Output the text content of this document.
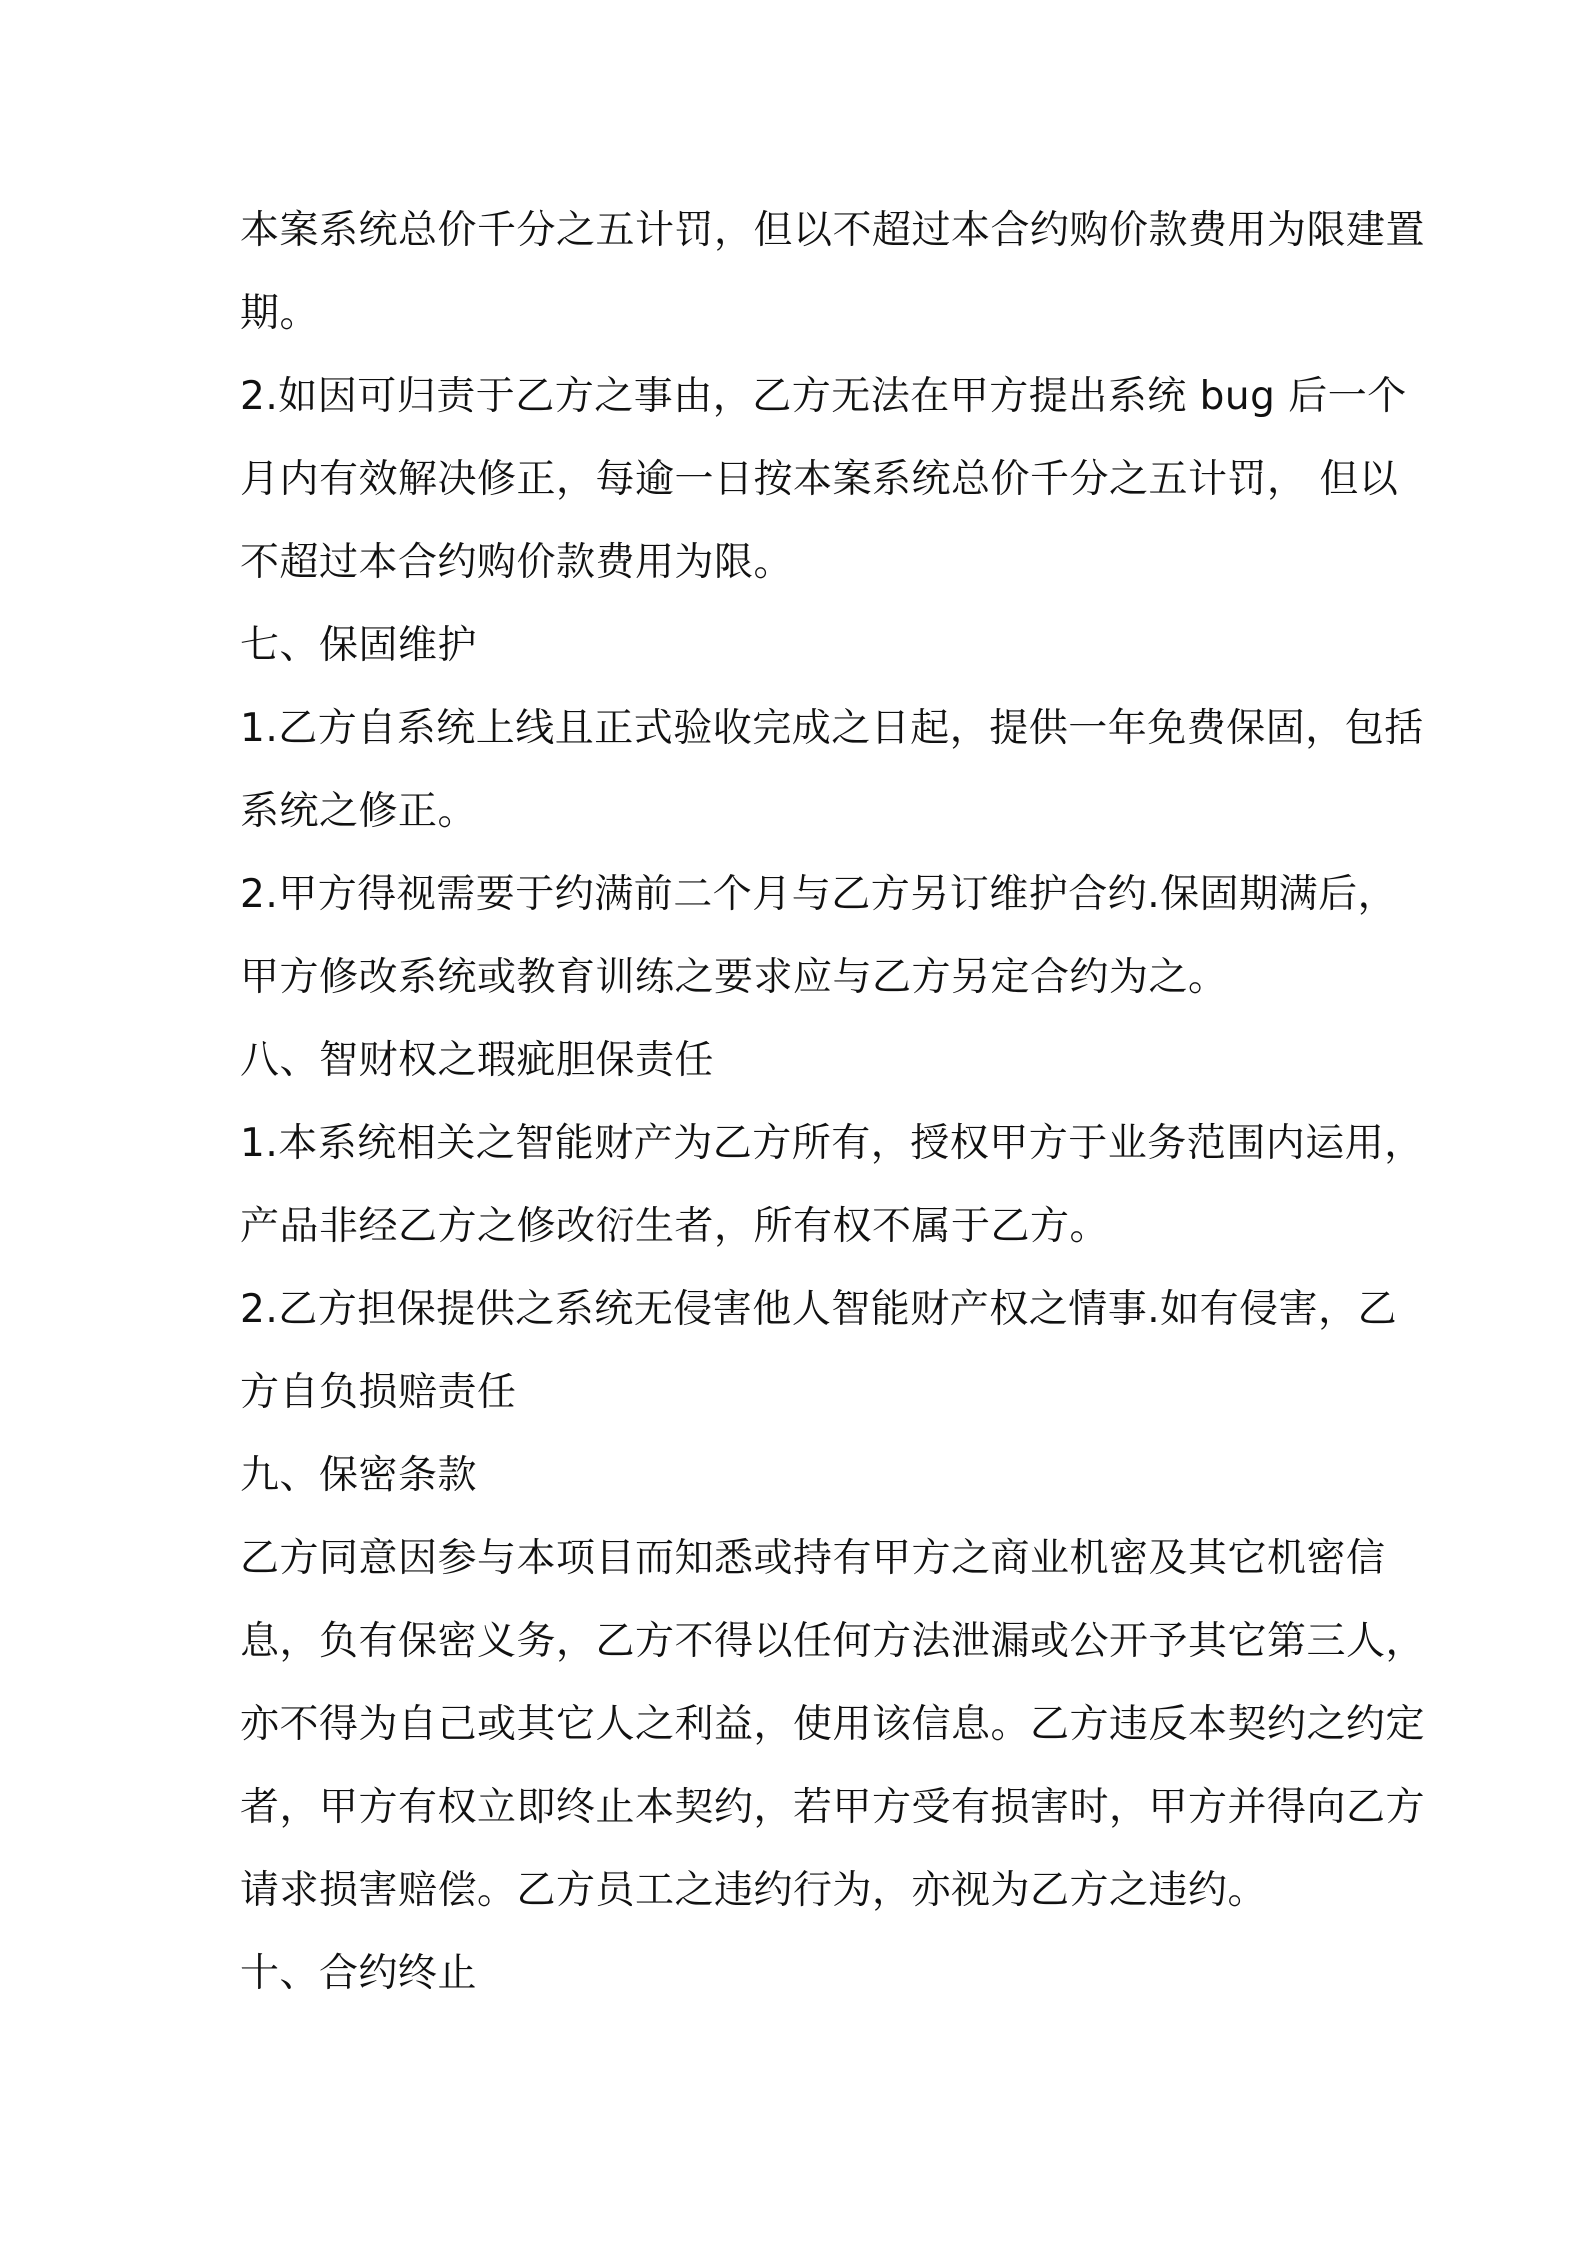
本案系统总价千分之五计罚，但以不超过本合约购价款费用为限建置
期。
2.如因可归责于乙方之事由，乙方无法在甲方提出系统 bug 后一个
月内有效解决修正，每逾一日按本案系统总价千分之五计罚， 但以
不超过本合约购价款费用为限。
七、保固维护
1.乙方自系统上线且正式验收完成之日起，提供一年免费保固，包括
系统之修正。
2.甲方得视需要于约满前二个月与乙方另订维护合约.保固期满后，
甲方修改系统或教育训练之要求应与乙方另定合约为之。
八、智财权之瑕疵胆保责任
1.本系统相关之智能财产为乙方所有，授权甲方于业务范围内运用，
产品非经乙方之修改衍生者，所有权不属于乙方。
2.乙方担保提供之系统无侵害他人智能财产权之情事.如有侵害，乙
方自负损赔责任
九、保密条款
乙方同意因参与本项目而知悉或持有甲方之商业机密及其它机密信
息，负有保密义务，乙方不得以任何方法泄漏或公开予其它第三人，
亦不得为自己或其它人之利益，使用该信息。乙方违反本契约之约定
者，甲方有权立即终止本契约，若甲方受有损害时，甲方并得向乙方
请求损害赔偿。乙方员工之违约行为，亦视为乙方之违约。
十、合约终止
